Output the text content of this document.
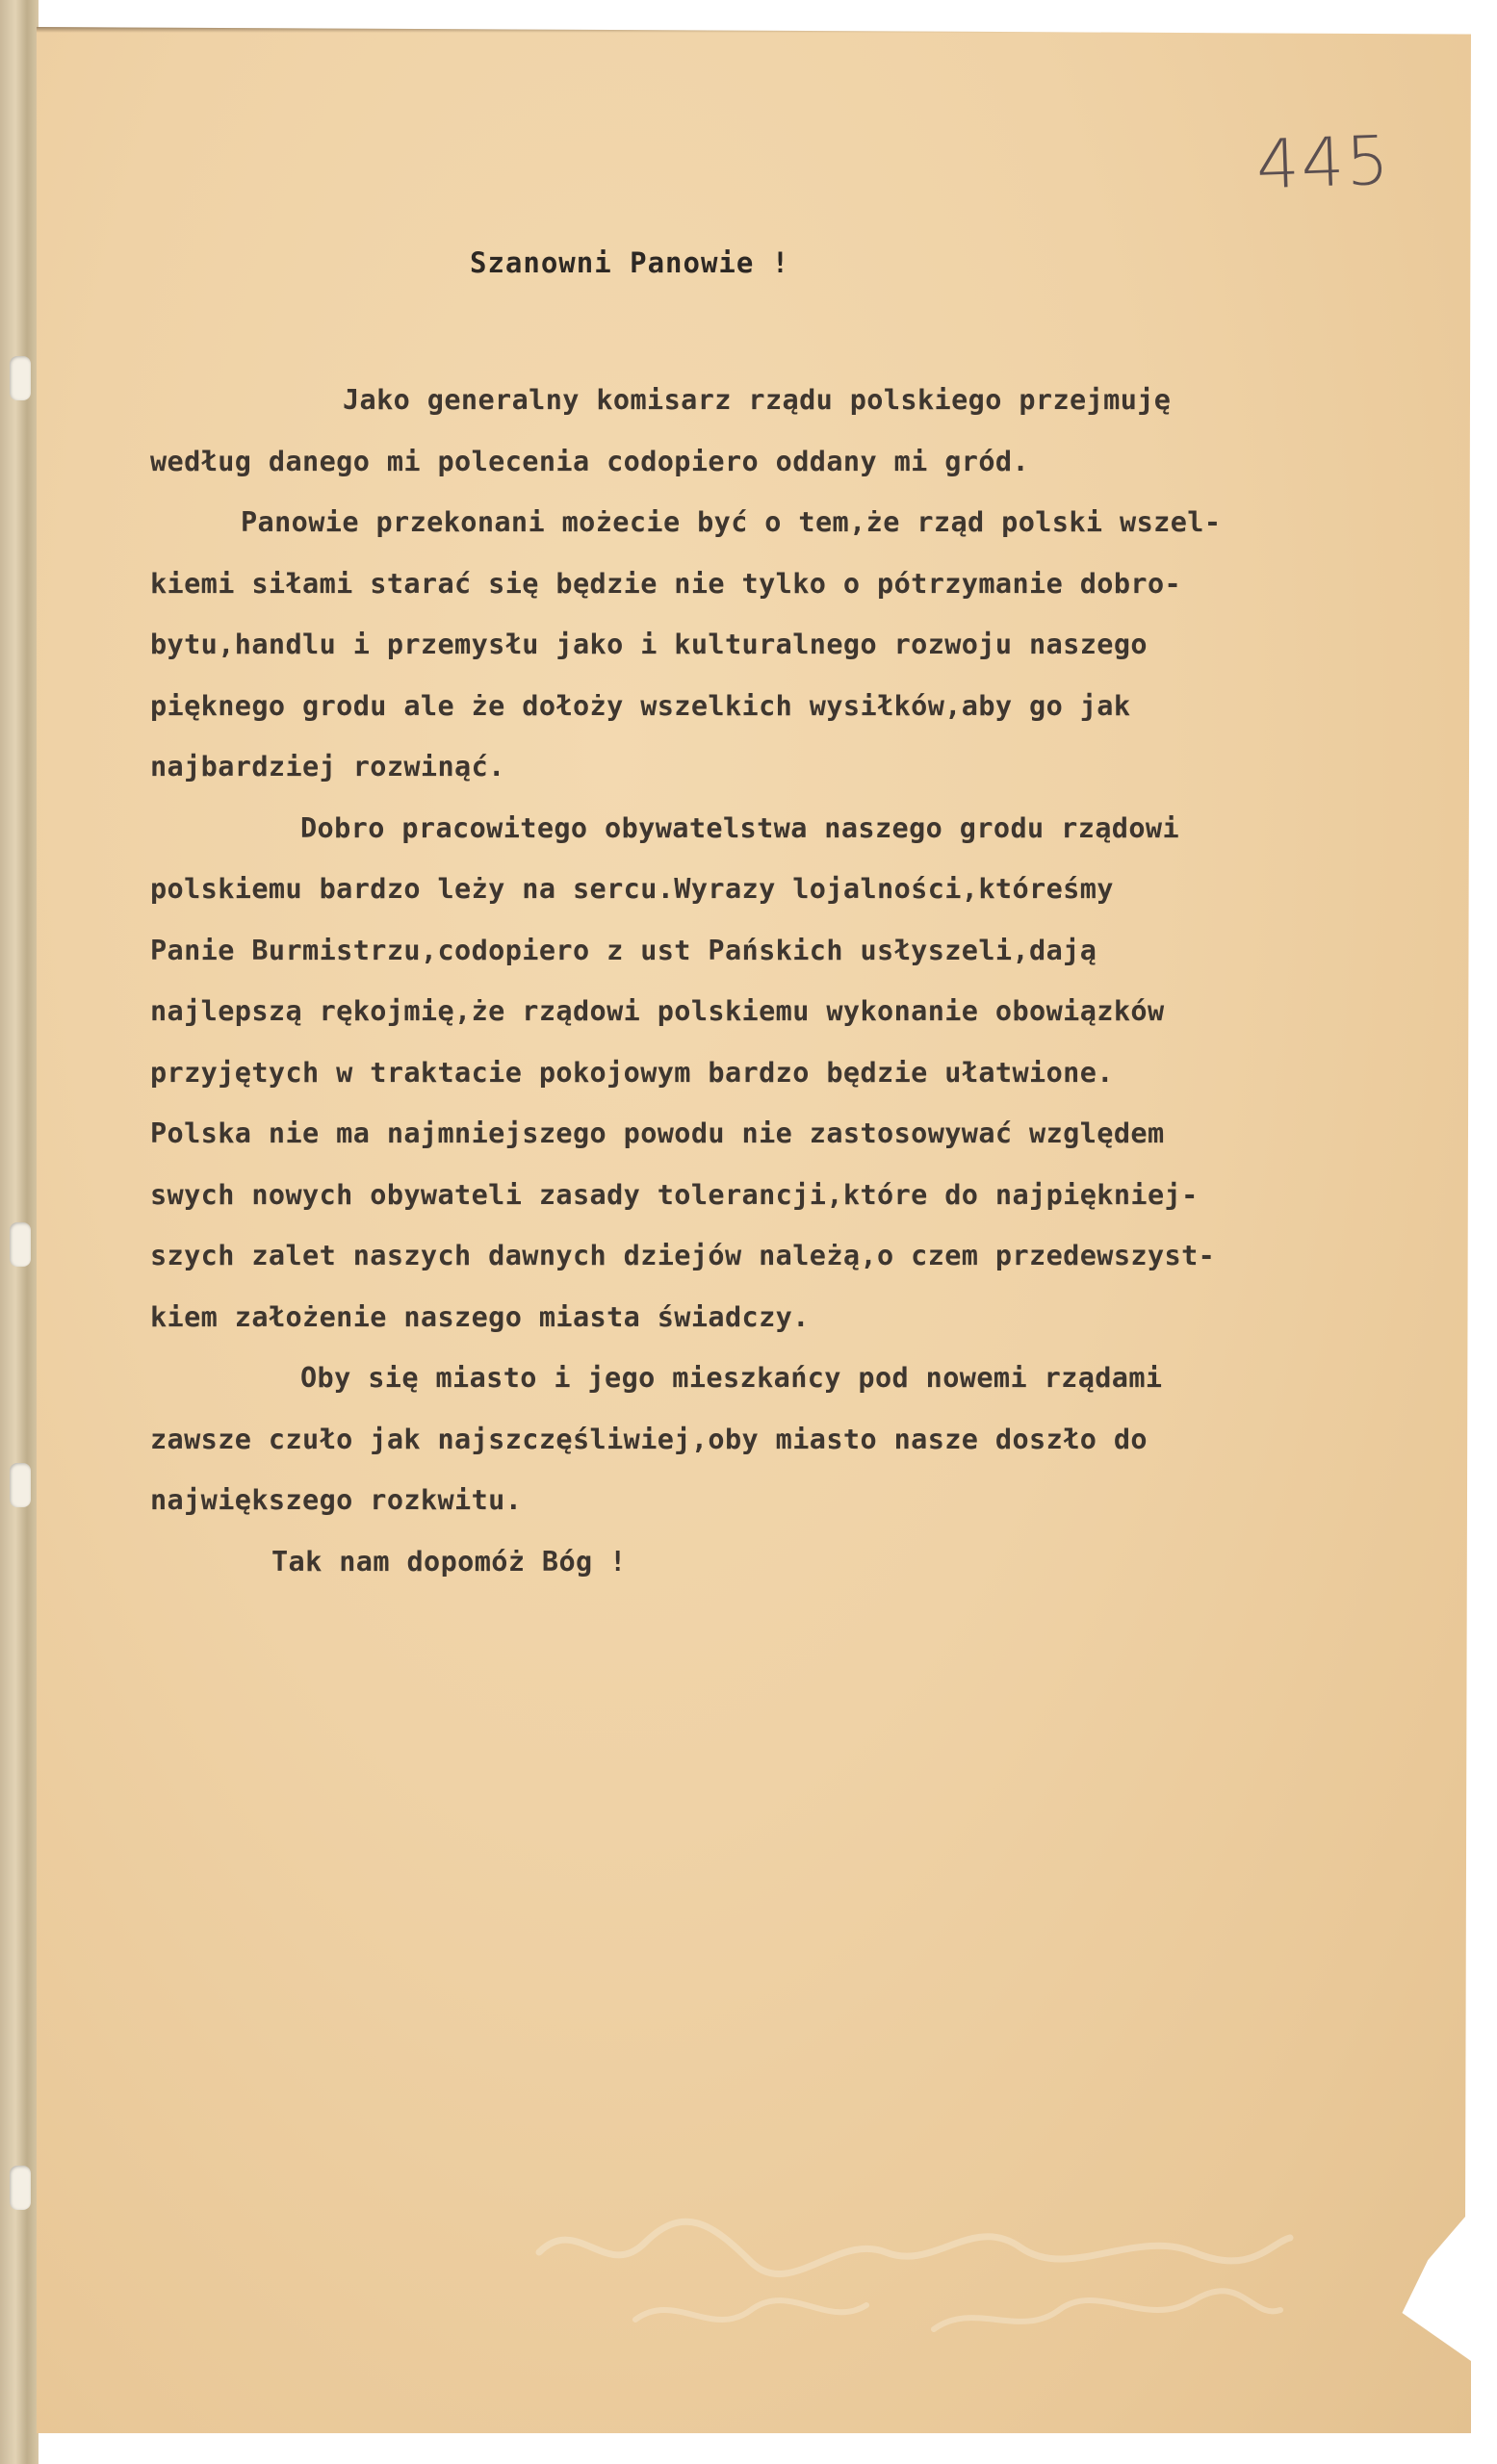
445
Szanowni Panowie !
Jako generalny komisarz rządu polskiego przejmuję
według danego mi polecenia codopiero oddany mi gród.
Panowie przekonani możecie być o tem,że rząd polski wszel-
kiemi siłami starać się będzie nie tylko o pótrzymanie dobro-
bytu,handlu i przemysłu jako i kulturalnego rozwoju naszego
pięknego grodu ale że dołoży wszelkich wysiłków,aby go jak
najbardziej rozwinąć.
Dobro pracowitego obywatelstwa naszego grodu rządowi
polskiemu bardzo leży na sercu.Wyrazy lojalności,któreśmy
Panie Burmistrzu,codopiero z ust Pańskich usłyszeli,dają
najlepszą rękojmię,że rządowi polskiemu wykonanie obowiązków
przyjętych w traktacie pokojowym bardzo będzie ułatwione.
Polska nie ma najmniejszego powodu nie zastosowywać względem
swych nowych obywateli zasady tolerancji,które do najpiękniej-
szych zalet naszych dawnych dziejów należą,o czem przedewszyst-
kiem założenie naszego miasta świadczy.
Oby się miasto i jego mieszkańcy pod nowemi rządami
zawsze czuło jak najszczęśliwiej,oby miasto nasze doszło do
największego rozkwitu.
Tak nam dopomóż Bóg !
